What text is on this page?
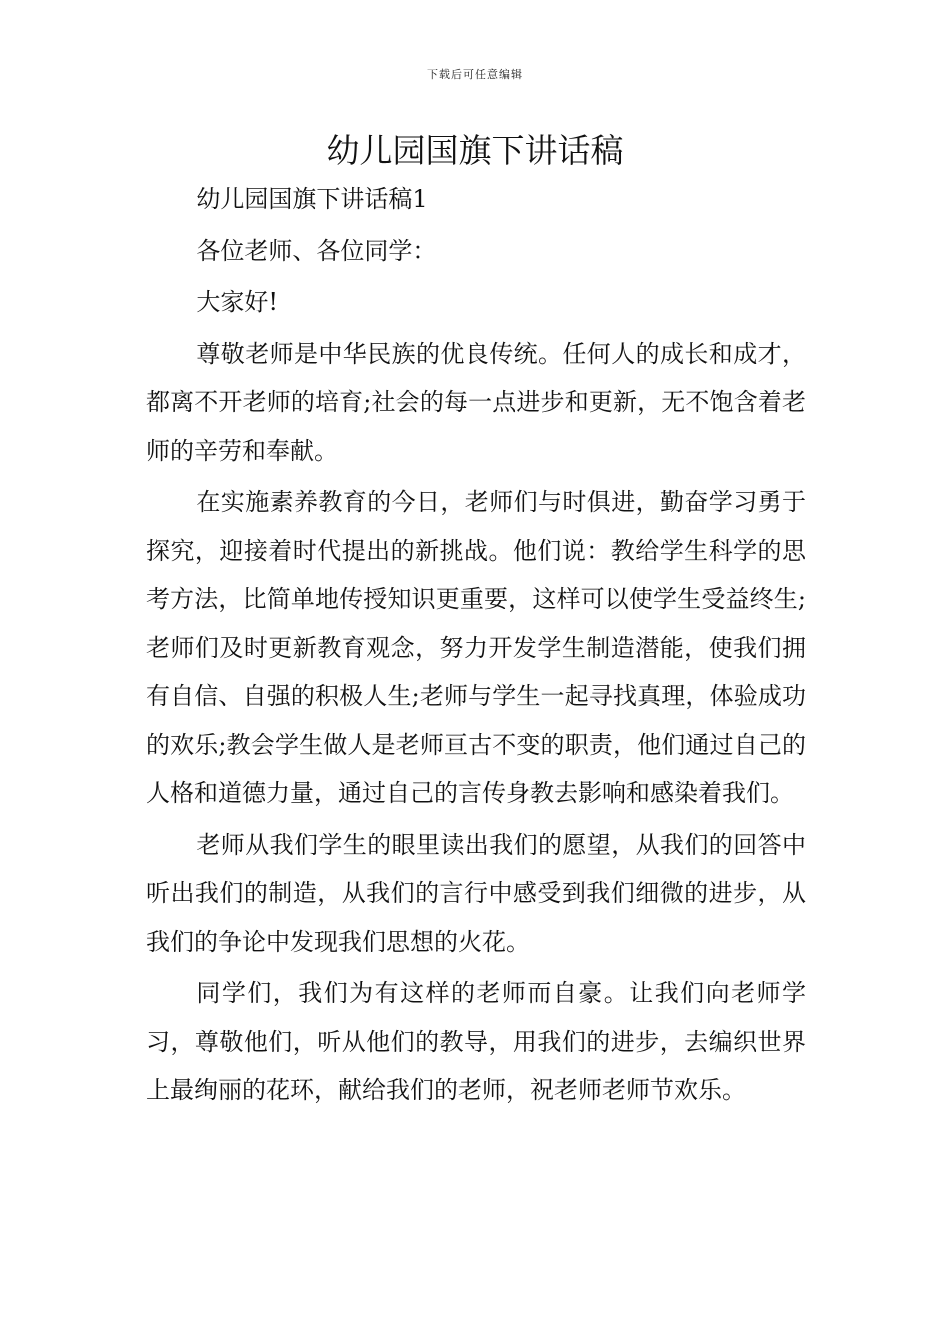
下载后可任意编辑
幼儿园国旗下讲话稿

幼儿园国旗下讲话稿1

各位老师、各位同学：

大家好!

尊敬老师是中华民族的优良传统。任何人的成长和成才，都离不开老师的培育;社会的每一点进步和更新，无不饱含着老师的辛劳和奉献。

在实施素养教育的今日，老师们与时俱进，勤奋学习勇于探究，迎接着时代提出的新挑战。他们说：教给学生科学的思考方法，比简单地传授知识更重要，这样可以使学生受益终生;老师们及时更新教育观念，努力开发学生制造潜能，使我们拥有自信、自强的积极人生;老师与学生一起寻找真理，体验成功的欢乐;教会学生做人是老师亘古不变的职责，他们通过自己的人格和道德力量，通过自己的言传身教去影响和感染着我们。

老师从我们学生的眼里读出我们的愿望，从我们的回答中听出我们的制造，从我们的言行中感受到我们细微的进步，从我们的争论中发现我们思想的火花。

同学们，我们为有这样的老师而自豪。让我们向老师学习，尊敬他们，听从他们的教导，用我们的进步，去编织世界上最绚丽的花环，献给我们的老师，祝老师老师节欢乐。
